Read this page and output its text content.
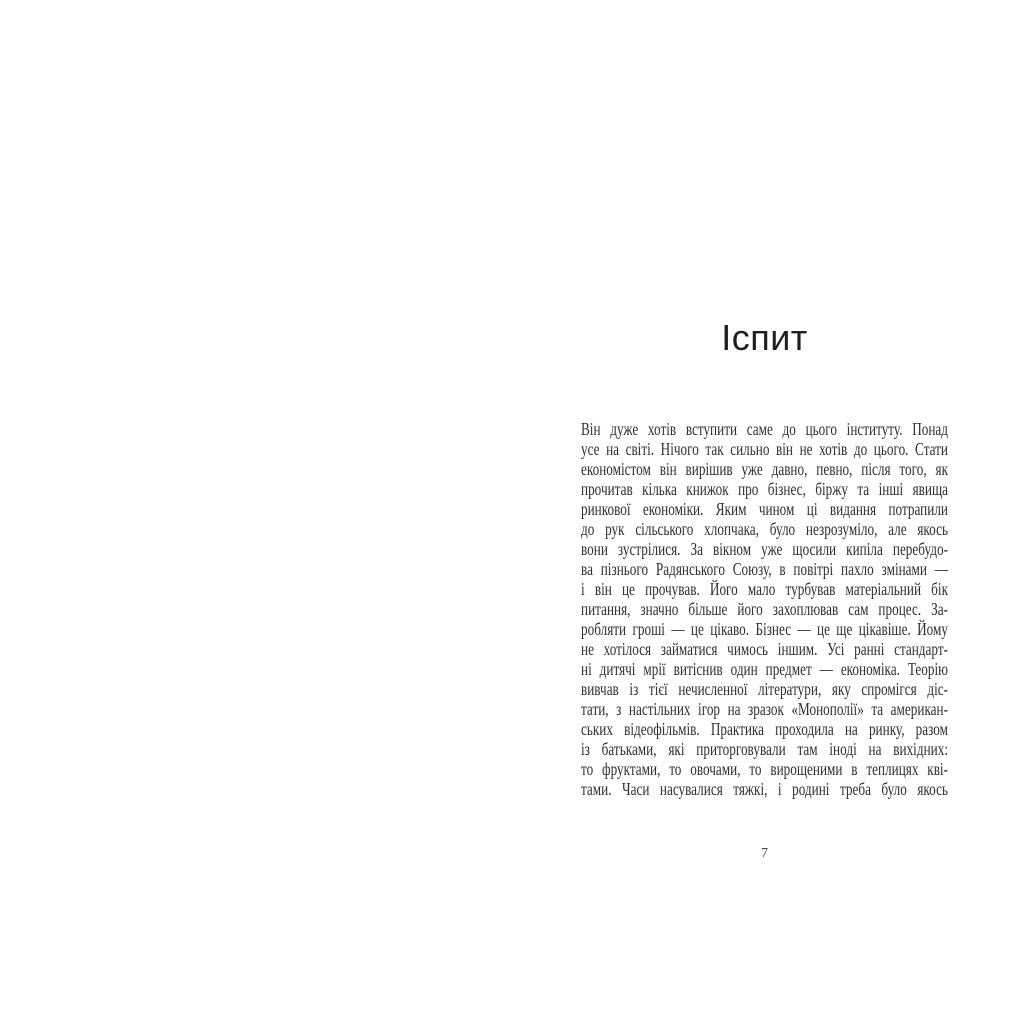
Іспит
Він дуже хотів вступити саме до цього інституту. Понад
усе на світі. Нічого так сильно він не хотів до цього. Стати
економістом він вирішив уже давно, певно, після того, як
прочитав кілька книжок про бізнес, біржу та інші явища
ринкової економіки. Яким чином ці видання потрапили
до рук сільського хлопчака, було незрозуміло, але якось
вони зустрілися. За вікном уже щосили кипіла перебудо-
ва пізнього Радянського Союзу, в повітрі пахло змінами —
і він це прочував. Його мало турбував матеріальний бік
питання, значно більше його захоплював сам процес. За-
робляти гроші — це цікаво. Бізнес — це ще цікавіше. Йому
не хотілося займатися чимось іншим. Усі ранні стандарт-
ні дитячі мрії витіснив один предмет — економіка. Теорію
вивчав із тієї нечисленної літератури, яку спромігся діс-
тати, з настільних ігор на зразок «Монополії» та американ-
ських відеофільмів. Практика проходила на ринку, разом
із батьками, які приторговували там іноді на вихідних:
то фруктами, то овочами, то вирощеними в теплицях кві-
тами. Часи насувалися тяжкі, і родині треба було якось
7
